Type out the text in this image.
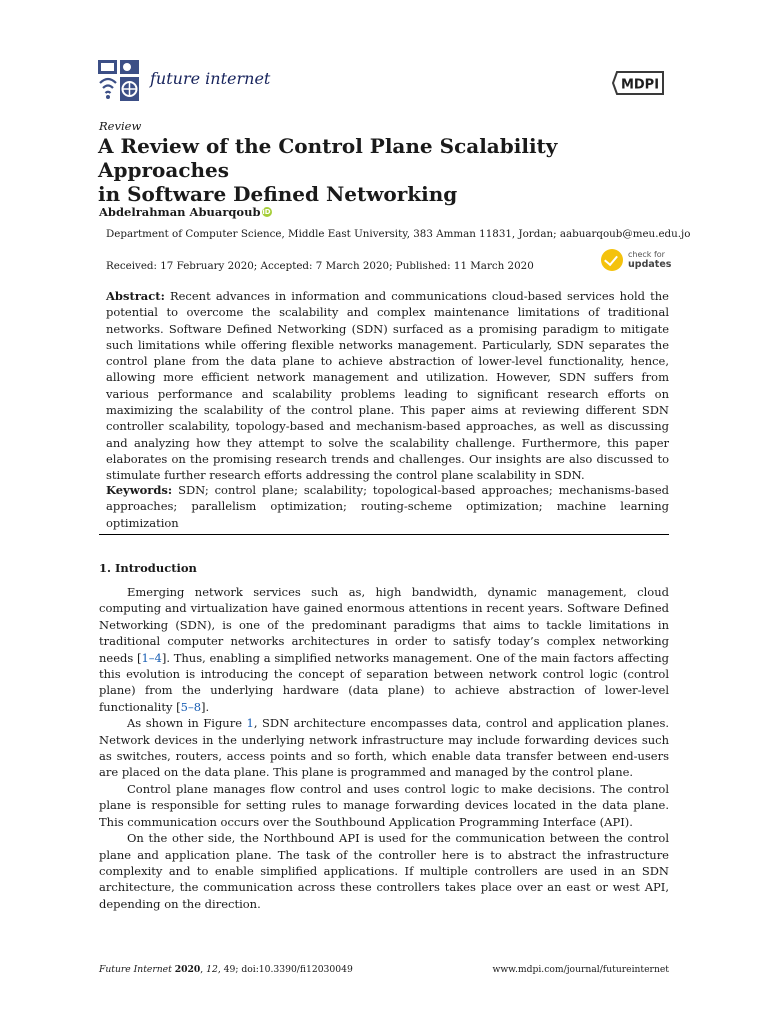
future internet	MDPI
Review
A Review of the Control Plane Scalability Approaches
in Software Defined Networking
Abdelrahman Abuarqoub iD
Department of Computer Science, Middle East University, 383 Amman 11831, Jordan; aabuarqoub@meu.edu.jo
Received: 17 February 2020; Accepted: 7 March 2020; Published: 11 March 2020
check for
updates
Abstract: Recent advances in information and communications cloud-based services hold the potential to overcome the scalability and complex maintenance limitations of traditional networks. Software Defined Networking (SDN) surfaced as a promising paradigm to mitigate such limitations while offering flexible networks management. Particularly, SDN separates the control plane from the data plane to achieve abstraction of lower-level functionality, hence, allowing more efficient network management and utilization. However, SDN suffers from various performance and scalability problems leading to significant research efforts on maximizing the scalability of the control plane. This paper aims at reviewing different SDN controller scalability, topology-based and mechanism-based approaches, as well as discussing and analyzing how they attempt to solve the scalability challenge. Furthermore, this paper elaborates on the promising research trends and challenges. Our insights are also discussed to stimulate further research efforts addressing the control plane scalability in SDN.
Keywords: SDN; control plane; scalability; topological-based approaches; mechanisms-based approaches; parallelism optimization; routing-scheme optimization; machine learning optimization
1. Introduction

Emerging network services such as, high bandwidth, dynamic management, cloud computing and virtualization have gained enormous attentions in recent years. Software Defined Networking (SDN), is one of the predominant paradigms that aims to tackle limitations in traditional computer networks architectures in order to satisfy today’s complex networking needs [1–4]. Thus, enabling a simplified networks management. One of the main factors affecting this evolution is introducing the concept of separation between network control logic (control plane) from the underlying hardware (data plane) to achieve abstraction of lower-level functionality [5–8].

As shown in Figure 1, SDN architecture encompasses data, control and application planes. Network devices in the underlying network infrastructure may include forwarding devices such as switches, routers, access points and so forth, which enable data transfer between end-users are placed on the data plane. This plane is programmed and managed by the control plane.

Control plane manages flow control and uses control logic to make decisions. The control plane is responsible for setting rules to manage forwarding devices located in the data plane. This communication occurs over the Southbound Application Programming Interface (API).

On the other side, the Northbound API is used for the communication between the control plane and application plane. The task of the controller here is to abstract the infrastructure complexity and to enable simplified applications. If multiple controllers are used in an SDN architecture, the communication across these controllers takes place over an east or west API, depending on the direction.

Future Internet 2020, 12, 49; doi:10.3390/fi12030049	www.mdpi.com/journal/futureinternet
